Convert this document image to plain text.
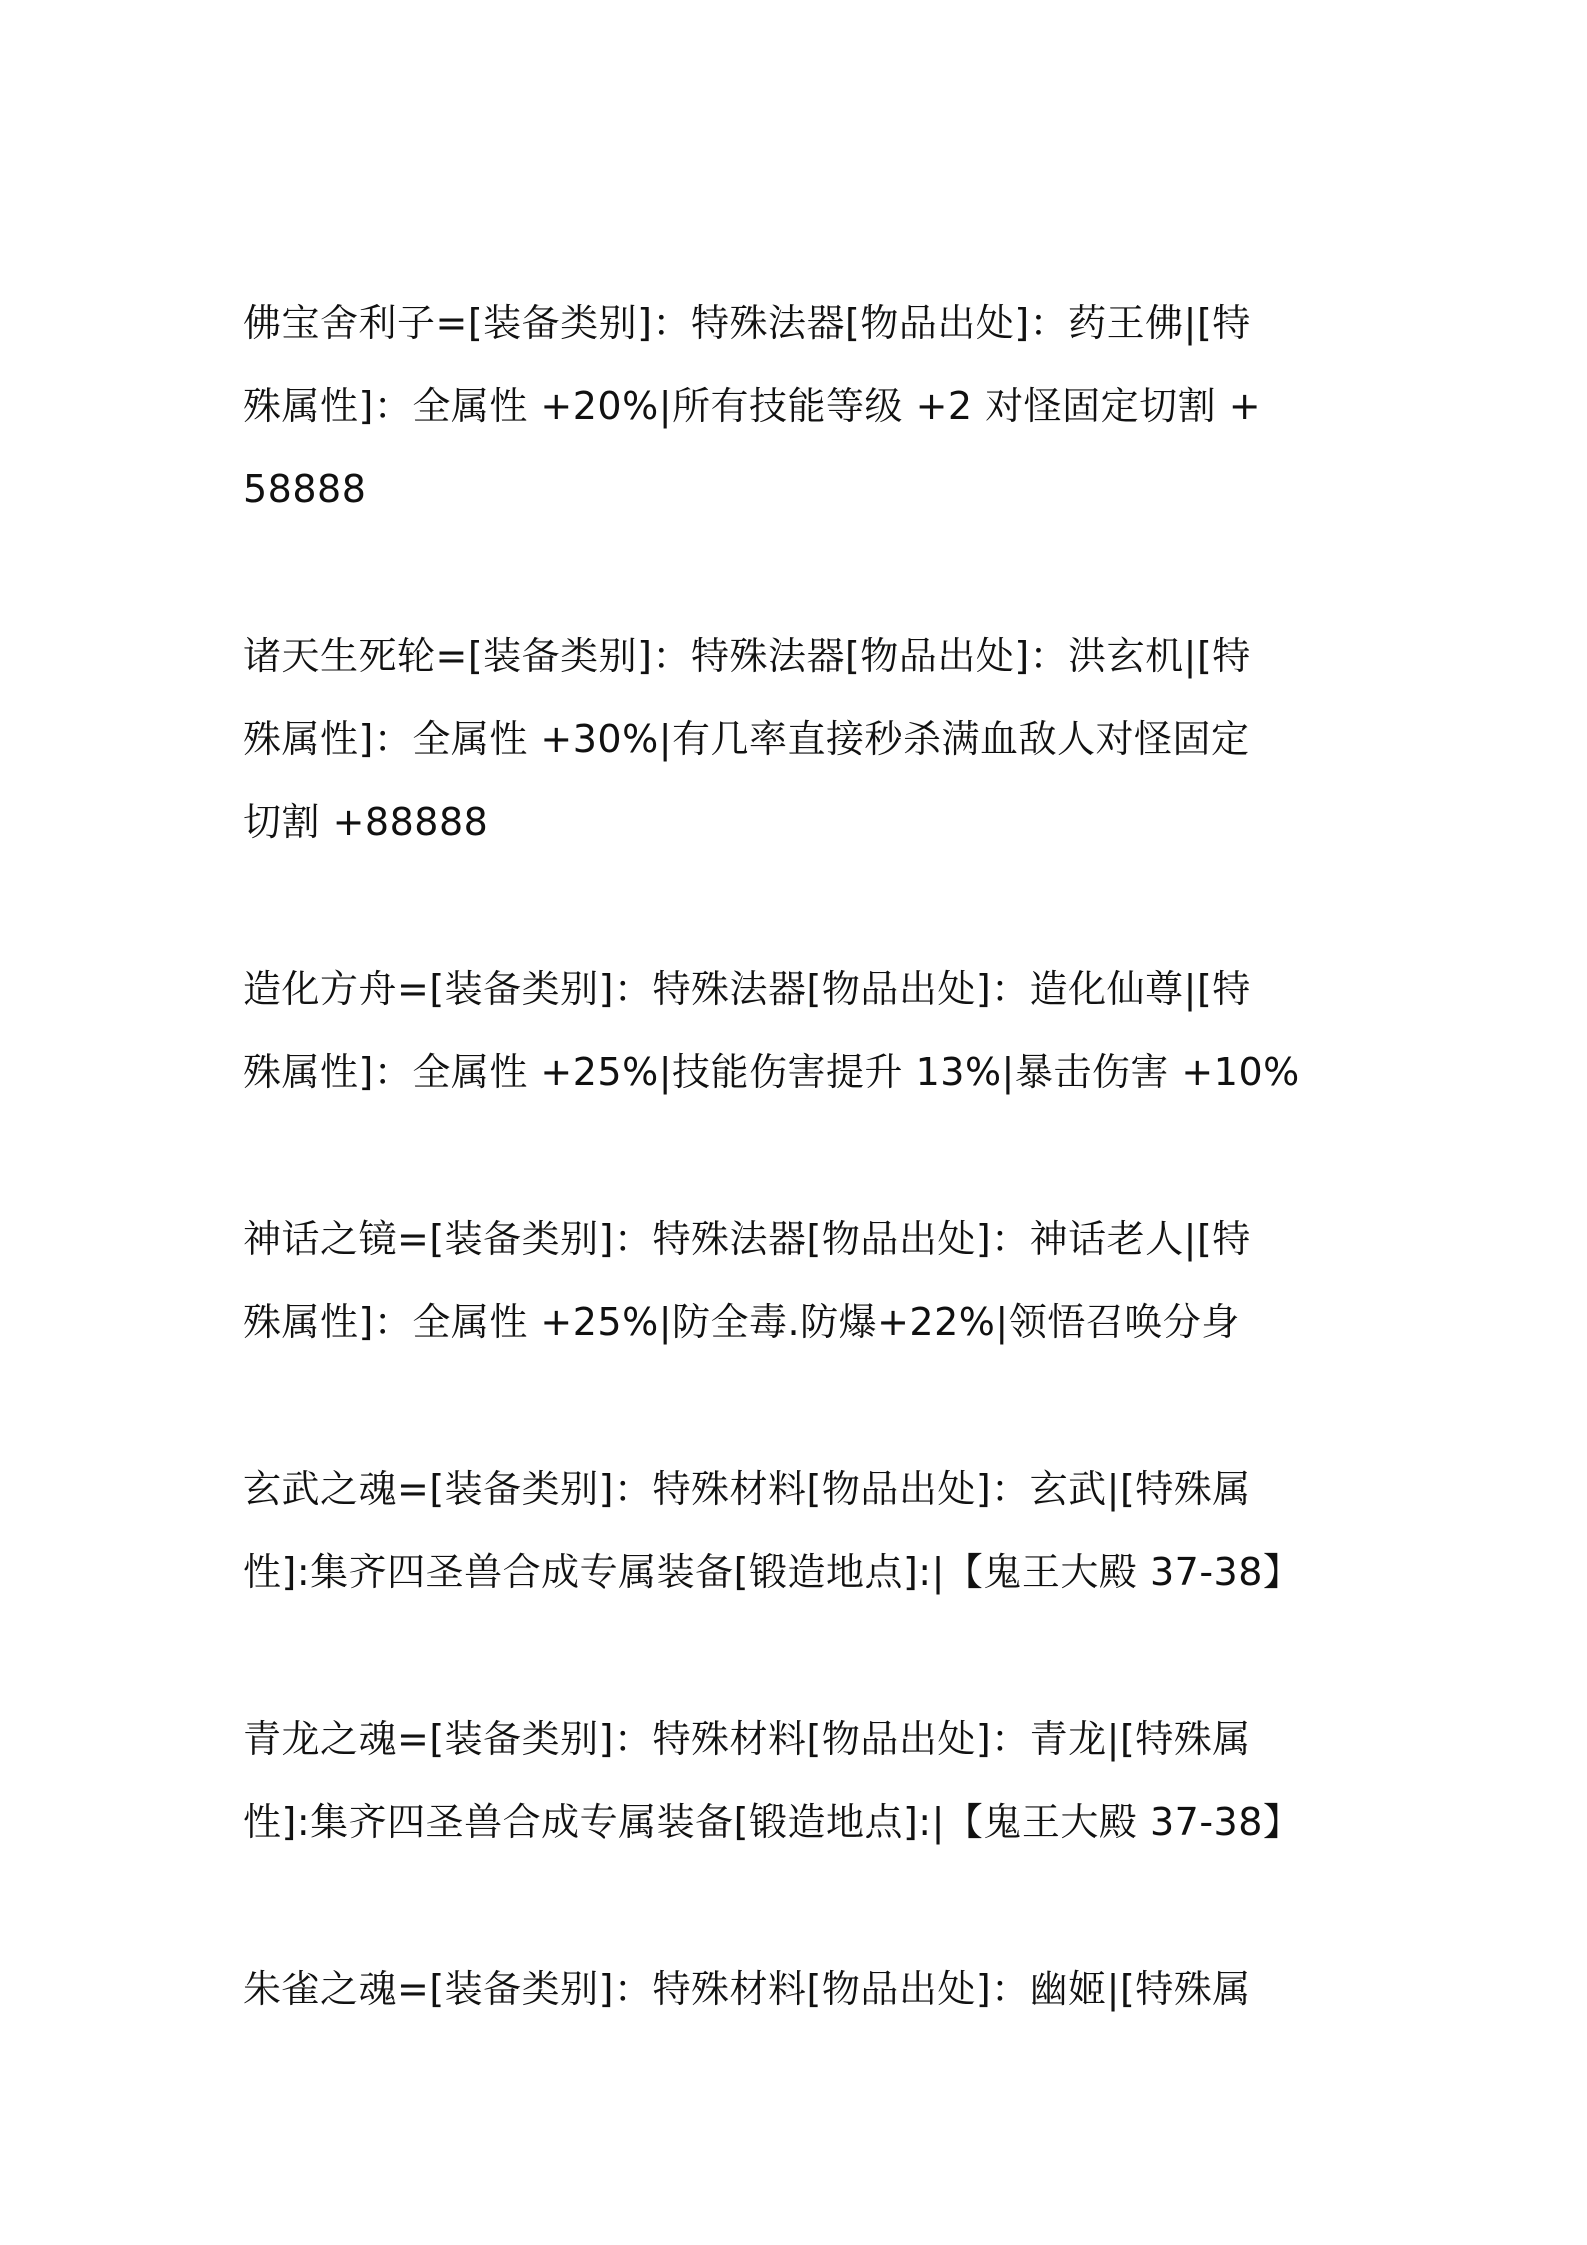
佛宝舍利子=[装备类别]：特殊法器[物品出处]：药王佛|[特
殊属性]：全属性 +20%|所有技能等级 +2 对怪固定切割 +
58888
诸天生死轮=[装备类别]：特殊法器[物品出处]：洪玄机|[特
殊属性]：全属性 +30%|有几率直接秒杀满血敌人对怪固定
切割 +88888
造化方舟=[装备类别]：特殊法器[物品出处]：造化仙尊|[特
殊属性]：全属性 +25%|技能伤害提升 13%|暴击伤害 +10%
神话之镜=[装备类别]：特殊法器[物品出处]：神话老人|[特
殊属性]：全属性 +25%|防全毒.防爆+22%|领悟召唤分身
玄武之魂=[装备类别]：特殊材料[物品出处]：玄武|[特殊属
性]:集齐四圣兽合成专属装备[锻造地点]:|【鬼王大殿 37-38】
青龙之魂=[装备类别]：特殊材料[物品出处]：青龙|[特殊属
性]:集齐四圣兽合成专属装备[锻造地点]:|【鬼王大殿 37-38】
朱雀之魂=[装备类别]：特殊材料[物品出处]：幽姬|[特殊属
